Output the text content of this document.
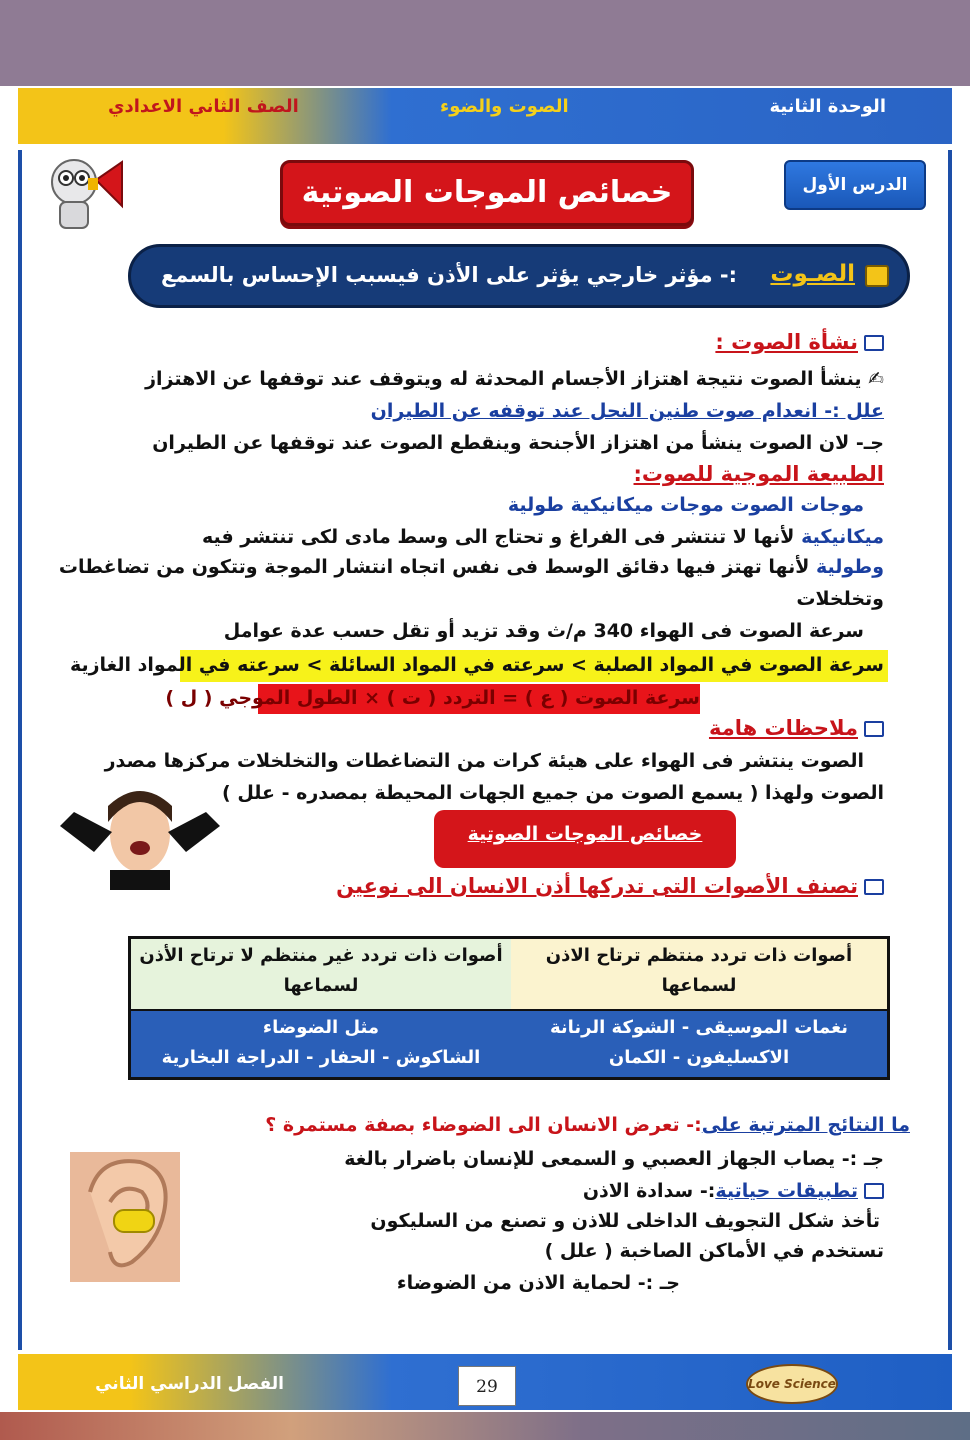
الوحدة الثانية
الصوت والضوء
الصف الثاني الاعدادي
الدرس الأول
خصائص الموجات الصوتية
الصـوت
:- مؤثر خارجي يؤثر على الأذن فيسبب الإحساس بالسمع
نشأة الصوت :
✍ ينشأ الصوت نتيجة اهتزاز الأجسام المحدثة له ويتوقف عند توقفها عن الاهتزاز
علل :- انعدام صوت طنين النحل عند توقفه عن الطيران
جـ- لان الصوت ينشأ من اهتزاز الأجنحة وينقطع الصوت عند توقفها عن الطيران
الطبيعة الموجية للصوت:
موجات الصوت موجات ميكانيكية طولية
ميكانيكية لأنها لا تنتشر فى الفراغ و تحتاج الى وسط مادى لكى تنتشر فيه
وطولية لأنها تهتز فيها دقائق الوسط فى نفس اتجاه انتشار الموجة وتتكون من تضاغطات
وتخلخلات
سرعة الصوت فى الهواء 340 م/ث وقد تزيد أو تقل حسب عدة عوامل
سرعة الصوت في المواد الصلبة > سرعته في المواد السائلة > سرعته في المواد الغازية
سرعة الصوت ( ع ) = التردد ( ت ) × الطول الموجي ( ل )
ملاحظات هامة
الصوت ينتشر فى الهواء على هيئة كرات من التضاغطات والتخلخلات مركزها مصدر
الصوت ولهذا ( يسمع الصوت من جميع الجهات المحيطة بمصدره - علل )
خصائص الموجات الصوتية
تصنف الأصوات التى تدركها أذن الانسان الى نوعين
أصوات ذات تردد منتظم ترتاح الاذن لسماعها
أصوات ذات تردد غير منتظم لا ترتاح الأذن لسماعها
نغمات الموسيقى - الشوكة الرنانة
الاكسليفون - الكمان
مثل الضوضاء
الشاكوش - الحفار - الدراجة البخارية
ما النتائج المترتبة على:- تعرض الانسان الى الضوضاء بصفة مستمرة ؟
جـ :- يصاب الجهاز العصبي و السمعى للإنسان باضرار بالغة
تطبيقات حياتية:- سدادة الاذن
تأخذ شكل التجويف الداخلى للاذن و تصنع من السليكون
تستخدم في الأماكن الصاخبة ( علل )
جـ :- لحماية الاذن من الضوضاء
الفصل الدراسي الثاني	29	Love Science
